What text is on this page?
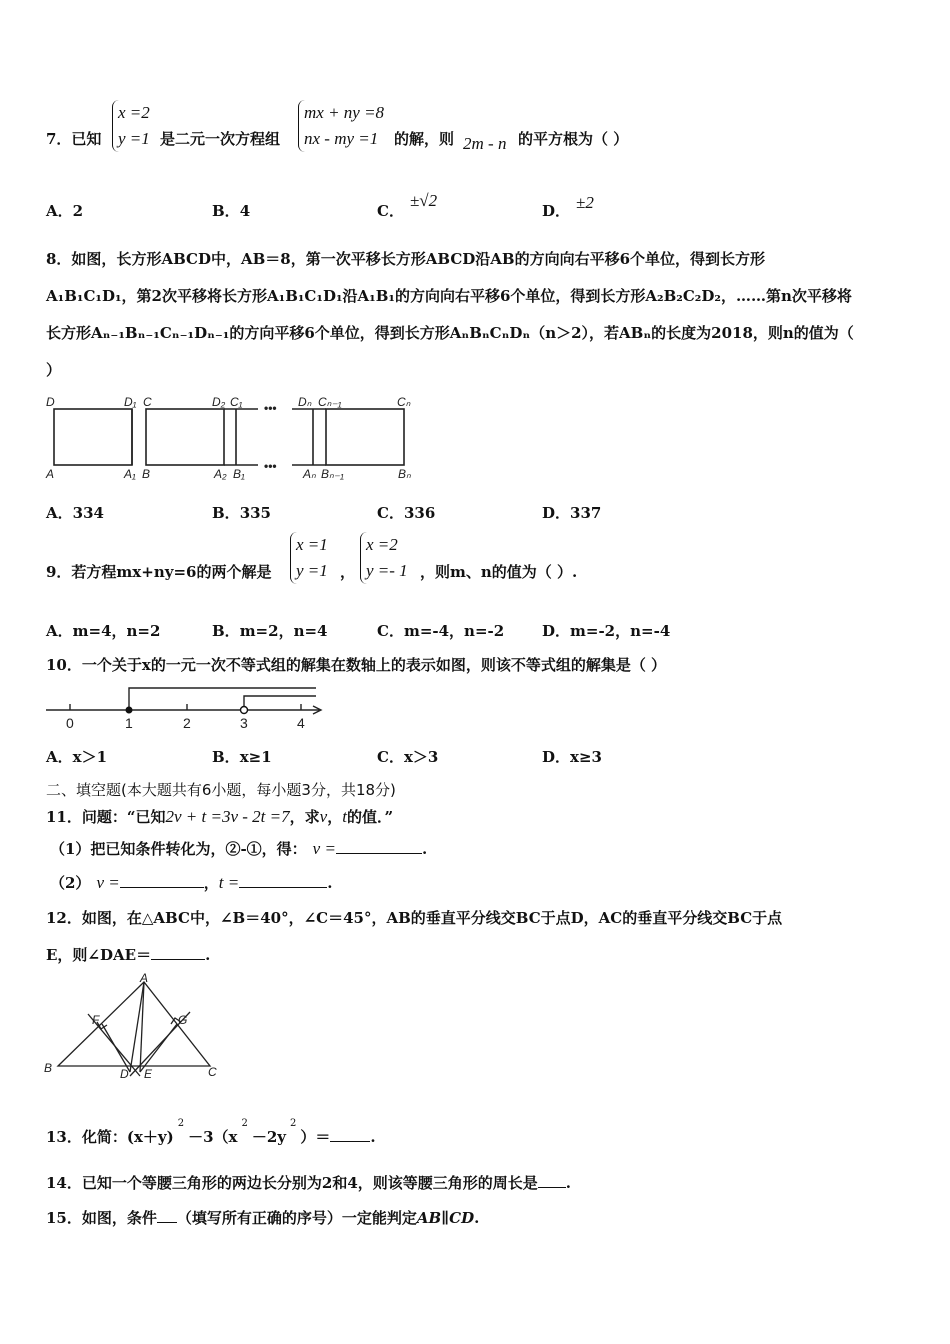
7．已知
x =2
y =1 是二元一次方程组
mx + ny =8
nx - my =1	的解，则 2m - n 的平方根为（ ）
A．2	B．4	C．±√2
D． ±2
8．如图，长方形ABCD中，AB＝8，第一次平移长方形ABCD沿AB的方向向右平移6个单位，得到长方形
A₁B₁C₁D₁，第2次平移将长方形A₁B₁C₁D₁沿A₁B₁的方向向右平移6个单位，得到长方形A₂B₂C₂D₂，……第n次平移将
长方形Aₙ₋₁Bₙ₋₁Cₙ₋₁Dₙ₋₁的方向平移6个单位，得到长方形AₙBₙCₙDₙ（n＞2），若ABₙ的长度为2018，则n的值为（
）
D	D₁ C	D₂ C₁ ••• Dₙ Cₙ₋₁	Cₙ
A	A₁ B	A₂ B₁
•••
Aₙ Bₙ₋₁	Bₙ
A．334	B．335	C．336	D．337
9．若方程mx+ny=6的两个解是
x =1
y =1 ，
x =2
y =- 1 ，则m、n的值为（ ）.
A．m=4，n=2	B．m=2，n=4	C．m=-4，n=-2	D．m=-2，n=-4
10．一个关于x的一元一次不等式组的解集在数轴上的表示如图，则该不等式组的解集是（ ）
0	1	2	3	4
A．x＞1	B．x≥1	C．x＞3	D．x≥3
二、填空题(本大题共有6小题，每小题3分，共18分)
11．问题：“已知2v + t =3v - 2t =7，求v，t的值．”
（1）把已知条件转化为，②-①，得： v =	.
（2） v =	，t =	.
12．如图，在△ABC中，∠B＝40°，∠C＝45°，AB的垂直平分线交BC于点D，AC的垂直平分线交BC于点
E，则∠DAE＝	.
A
F	G
B	D E	C
13．化简：$(x+y)^2-3(x^2-2y^2)=$	.
14．已知一个等腰三角形的两边长分别为2和4，则该等腰三角形的周长是 .
15．如图，条件 （填写所有正确的序号）一定能判定AB∥CD.
